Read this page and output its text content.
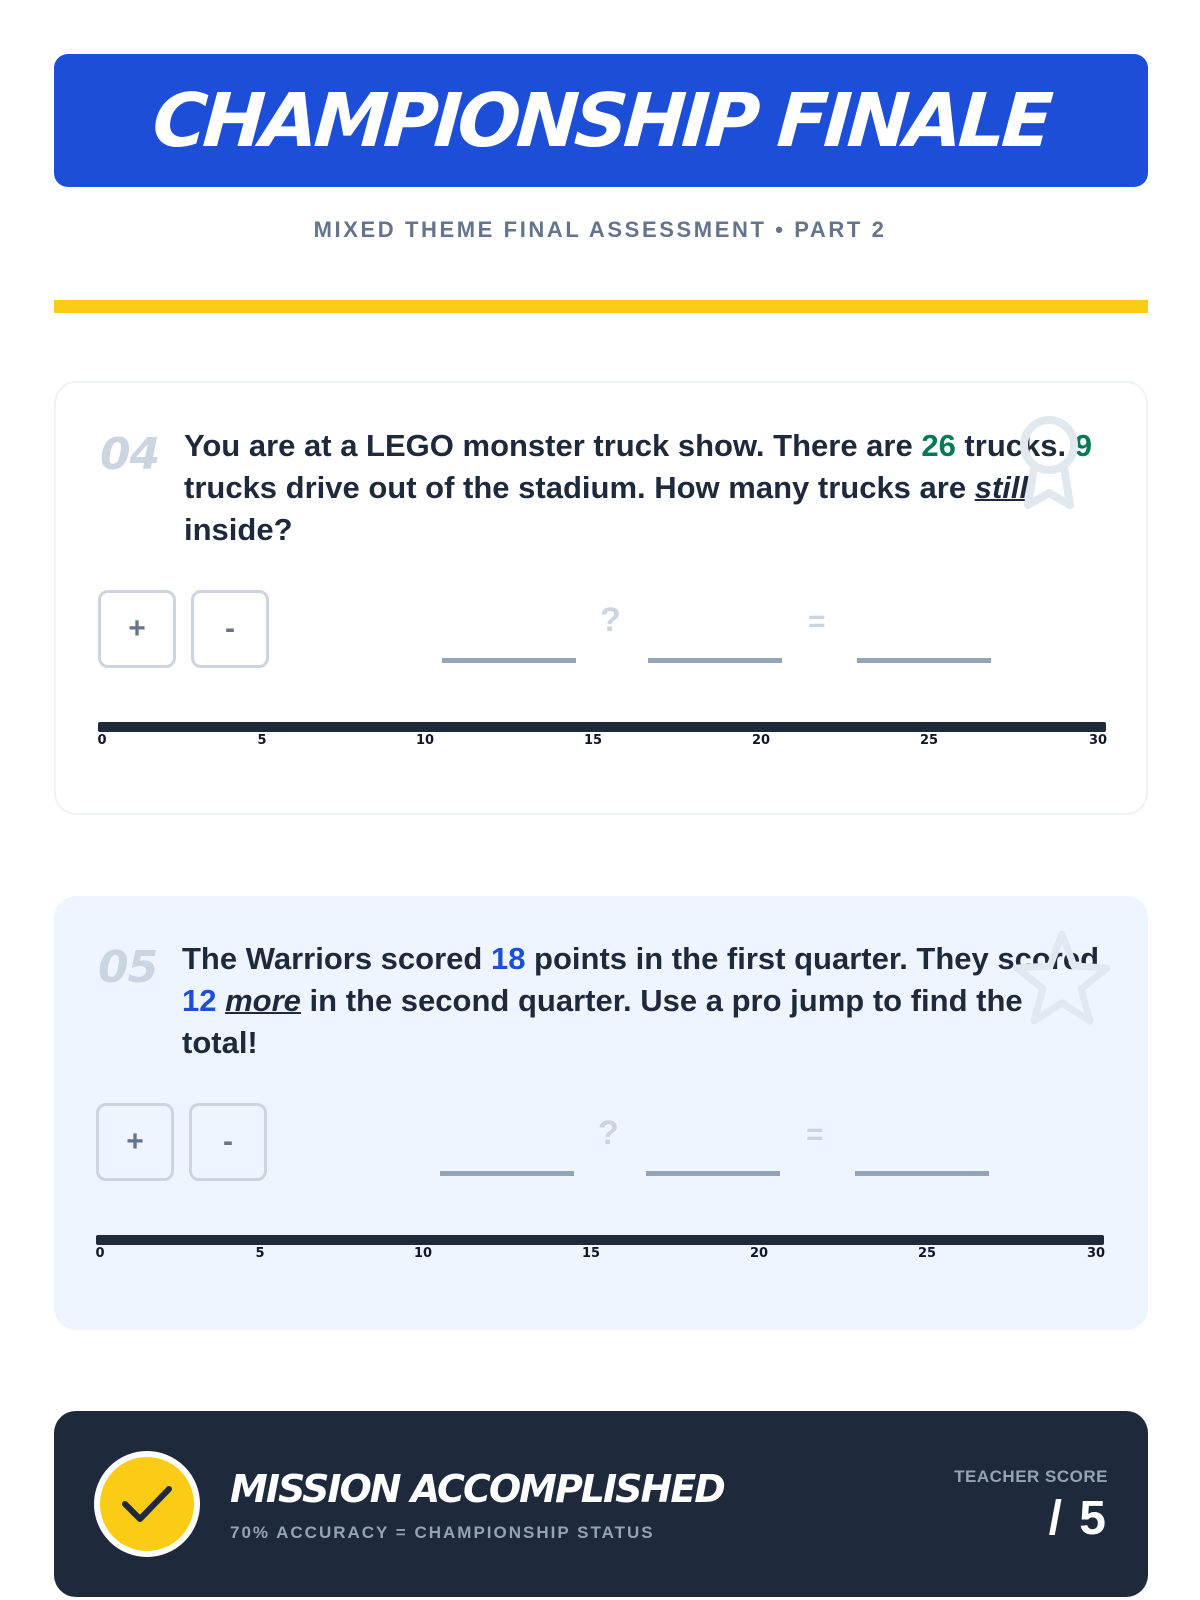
CHAMPIONSHIP FINALE
MIXED THEME FINAL ASSESSMENT • PART 2
04 You are at a LEGO monster truck show. There are 26 trucks. 9 trucks drive out of the stadium. How many trucks are still inside?

+	-	?	=
0	5	10	15	20	25	30
05 The Warriors scored 18 points in the first quarter. They scored 12 more in the second quarter. Use a pro jump to find the total!

+	-	?	=
0	5	10	15	20	25	30
MISSION ACCOMPLISHED
70% ACCURACY = CHAMPIONSHIP STATUS
TEACHER SCORE
/ 5
